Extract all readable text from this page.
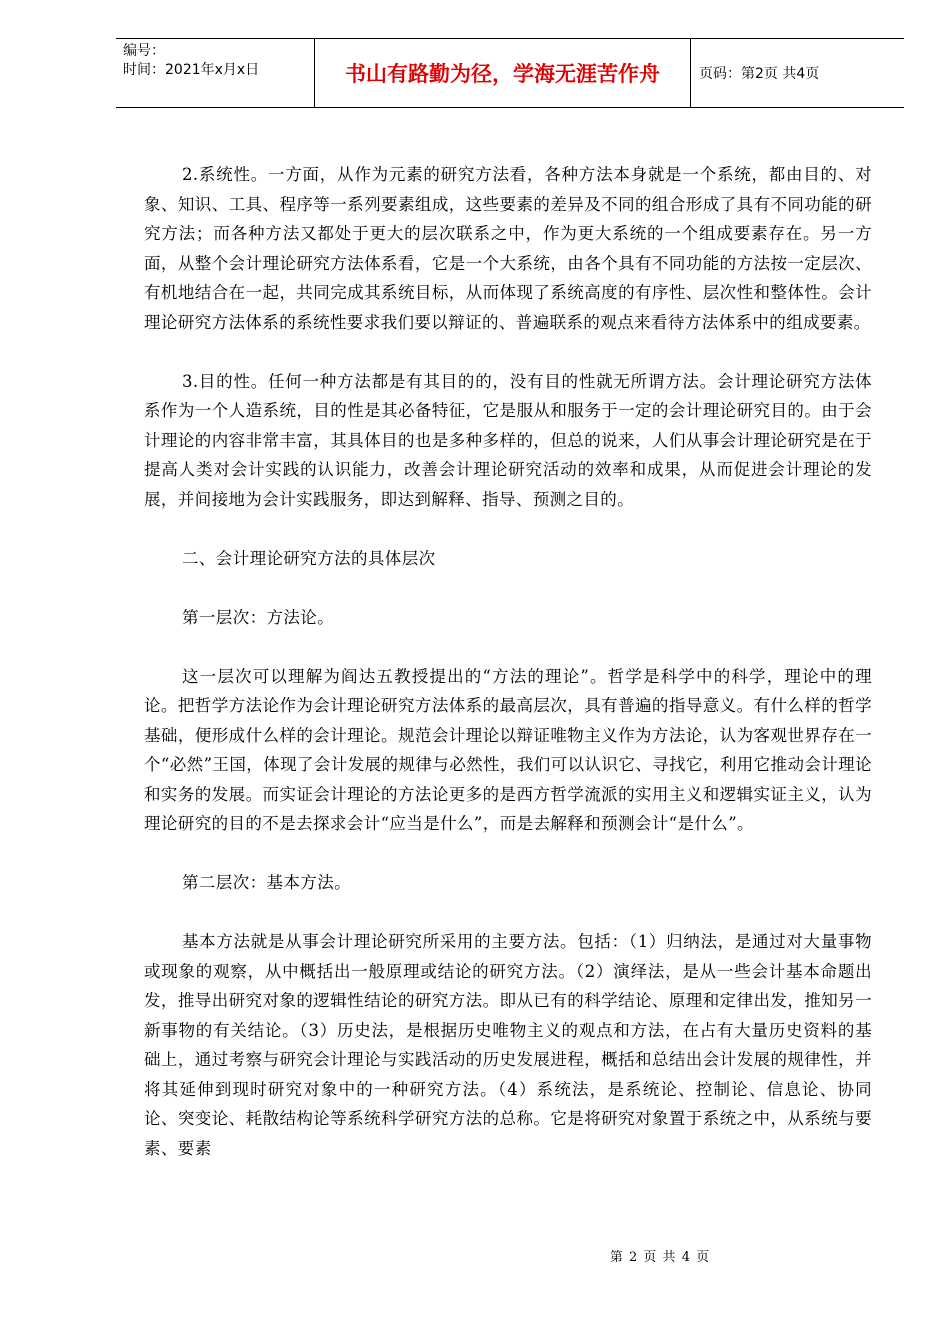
编号：
时间：2021年x月x日	书山有路勤为径，学海无涯苦作舟	页码：第2页 共4页

2.系统性。一方面，从作为元素的研究方法看，各种方法本身就是一个系统，都由目的、对象、知识、工具、程序等一系列要素组成，这些要素的差异及不同的组合形成了具有不同功能的研究方法；而各种方法又都处于更大的层次联系之中，作为更大系统的一个组成要素存在。另一方面，从整个会计理论研究方法体系看，它是一个大系统，由各个具有不同功能的方法按一定层次、有机地结合在一起，共同完成其系统目标，从而体现了系统高度的有序性、层次性和整体性。会计理论研究方法体系的系统性要求我们要以辩证的、普遍联系的观点来看待方法体系中的组成要素。

3.目的性。任何一种方法都是有其目的的，没有目的性就无所谓方法。会计理论研究方法体系作为一个人造系统，目的性是其必备特征，它是服从和服务于一定的会计理论研究目的。由于会计理论的内容非常丰富，其具体目的也是多种多样的，但总的说来，人们从事会计理论研究是在于提高人类对会计实践的认识能力，改善会计理论研究活动的效率和成果，从而促进会计理论的发展，并间接地为会计实践服务，即达到解释、指导、预测之目的。

二、会计理论研究方法的具体层次

第一层次：方法论。

这一层次可以理解为阎达五教授提出的“方法的理论”。哲学是科学中的科学，理论中的理论。把哲学方法论作为会计理论研究方法体系的最高层次，具有普遍的指导意义。有什么样的哲学基础，便形成什么样的会计理论。规范会计理论以辩证唯物主义作为方法论，认为客观世界存在一个“必然”王国，体现了会计发展的规律与必然性，我们可以认识它、寻找它，利用它推动会计理论和实务的发展。而实证会计理论的方法论更多的是西方哲学流派的实用主义和逻辑实证主义，认为理论研究的目的不是去探求会计“应当是什么”，而是去解释和预测会计“是什么”。

第二层次：基本方法。

基本方法就是从事会计理论研究所采用的主要方法。包括：（1）归纳法，是通过对大量事物或现象的观察，从中概括出一般原理或结论的研究方法。（2）演绎法，是从一些会计基本命题出发，推导出研究对象的逻辑性结论的研究方法。即从已有的科学结论、原理和定律出发，推知另一新事物的有关结论。（3）历史法，是根据历史唯物主义的观点和方法，在占有大量历史资料的基础上，通过考察与研究会计理论与实践活动的历史发展进程，概括和总结出会计发展的规律性，并将其延伸到现时研究对象中的一种研究方法。（4）系统法，是系统论、控制论、信息论、协同论、突变论、耗散结构论等系统科学研究方法的总称。它是将研究对象置于系统之中，从系统与要素、要素

第 2 页 共 4 页
